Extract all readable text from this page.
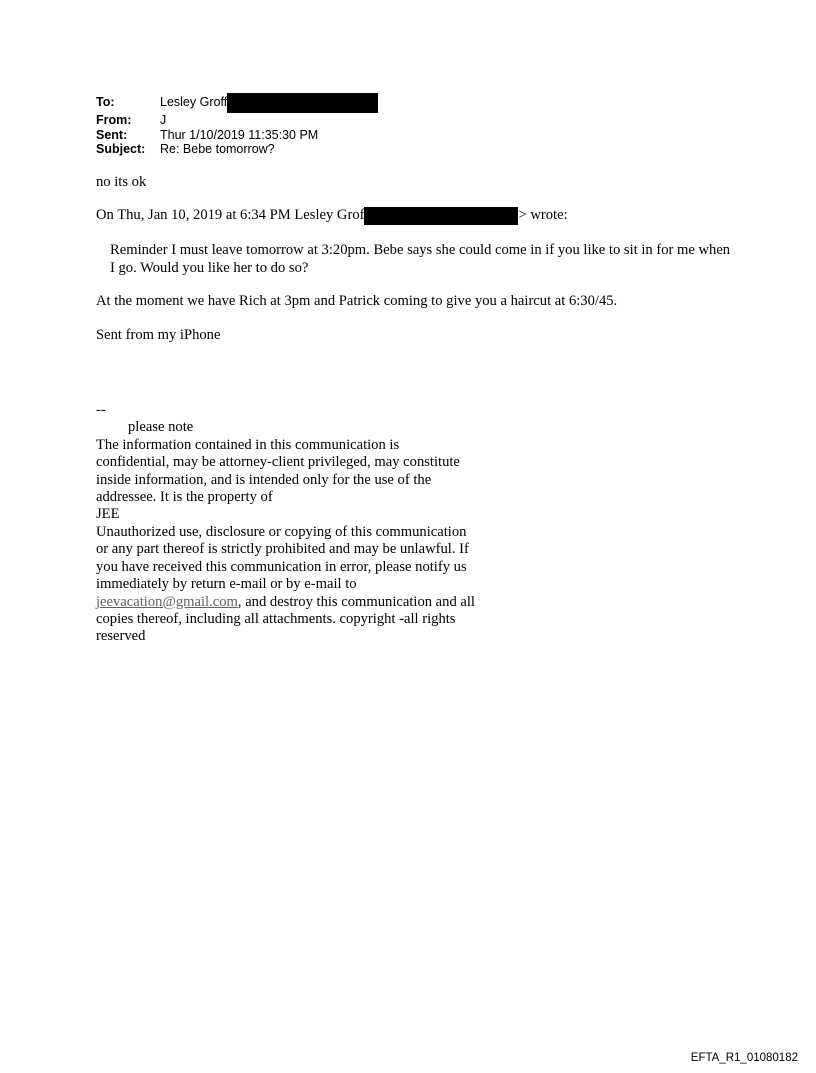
To:	Lesley Groff
From:	J
Sent:	Thur 1/10/2019 11:35:30 PM
Subject:	Re: Bebe tomorrow?

no its ok

On Thu, Jan 10, 2019 at 6:34 PM Lesley Grof	> wrote:

Reminder I must leave tomorrow at 3:20pm. Bebe says she could come in if you like to sit in for me when I go. Would you like her to do so?

At the moment we have Rich at 3pm and Patrick coming to give you a haircut at 6:30/45.

Sent from my iPhone

--

please note

The information contained in this communication is confidential, may be attorney-client privileged, may constitute inside information, and is intended only for the use of the addressee. It is the property of

JEE

Unauthorized use, disclosure or copying of this communication or any part thereof is strictly prohibited and may be unlawful. If you have received this communication in error, please notify us immediately by return e-mail or by e-mail to jeevacation@gmail.com, and destroy this communication and all copies thereof, including all attachments. copyright -all rights reserved

EFTA_R1_01080182
